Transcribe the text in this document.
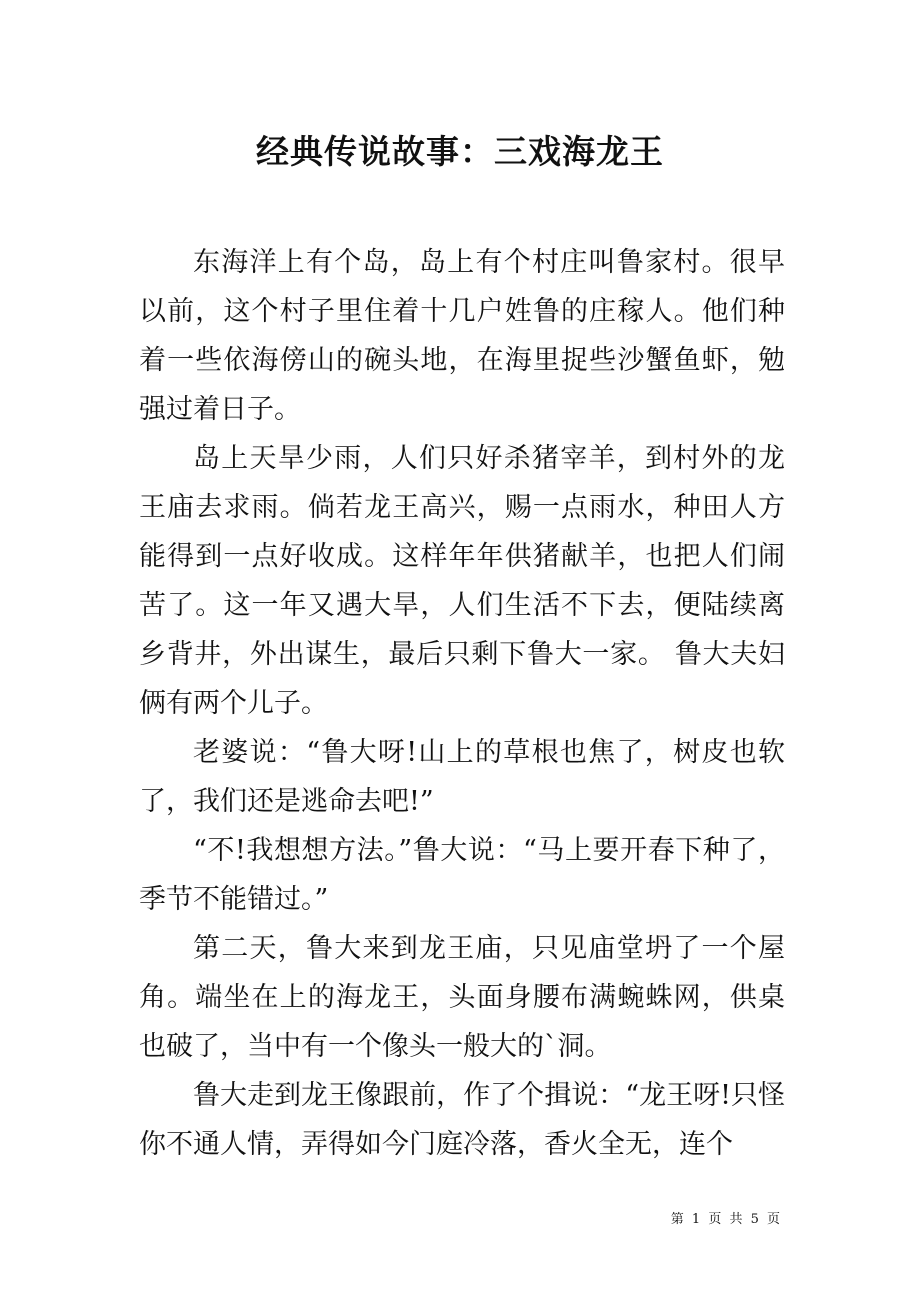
经典传说故事：三戏海龙王

东海洋上有个岛，岛上有个村庄叫鲁家村。很早以前，这个村子里住着十几户姓鲁的庄稼人。他们种着一些依海傍山的碗头地，在海里捉些沙蟹鱼虾，勉强过着日子。

岛上天旱少雨，人们只好杀猪宰羊，到村外的龙王庙去求雨。倘若龙王高兴，赐一点雨水，种田人方能得到一点好收成。这样年年供猪献羊，也把人们闹苦了。这一年又遇大旱，人们生活不下去，便陆续离乡背井，外出谋生，最后只剩下鲁大一家。 鲁大夫妇俩有两个儿子。

老婆说：“鲁大呀!山上的草根也焦了，树皮也软了，我们还是逃命去吧!”

“不!我想想方法。”鲁大说：“马上要开春下种了，季节不能错过。”

第二天，鲁大来到龙王庙，只见庙堂坍了一个屋角。端坐在上的海龙王，头面身腰布满蜿蛛网，供桌也破了，当中有一个像头一般大的`洞。

鲁大走到龙王像跟前，作了个揖说：“龙王呀!只怪你不通人情，弄得如今门庭冷落，香火全无，连个

第 1 页 共 5 页
